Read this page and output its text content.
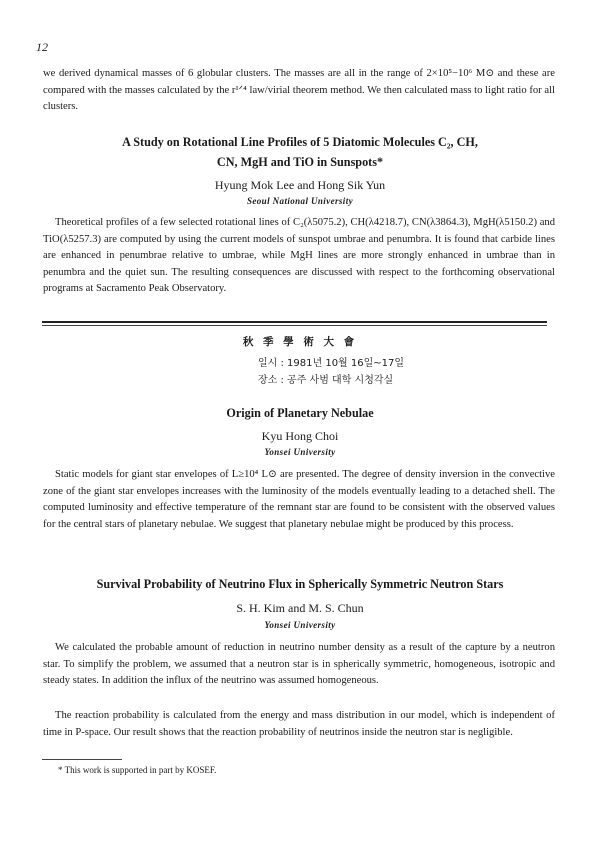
12
we derived dynamical masses of 6 globular clusters. The masses are all in the range of 2×10⁵−10⁶ M⊙ and these are compared with the masses calculated by the r¹ᐟ⁴ law/virial theorem method. We then calculated mass to light ratio for all clusters.
A Study on Rotational Line Profiles of 5 Diatomic Molecules C₂, CH,
CN, MgH and TiO in Sunspots*
Hyung Mok Lee and Hong Sik Yun
Seoul National University
Theoretical profiles of a few selected rotational lines of C₂(λ5075.2), CH(λ4218.7), CN(λ3864.3), MgH(λ5150.2) and TiO(λ5257.3) are computed by using the current models of sunspot umbrae and penumbra. It is found that carbide lines are enhanced in penumbrae relative to umbrae, while MgH lines are more strongly enhanced in umbrae than in penumbra and the quiet sun. The resulting consequences are discussed with respect to the forthcoming observational programs at Sacramento Peak Observatory.
秋 季 學 術 大 會
일시 : 1981년 10월 16일~17일
장소 : 공주 사범 대학 시청각실
Origin of Planetary Nebulae
Kyu Hong Choi
Yonsei University
Static models for giant star envelopes of L≥10⁴ L⊙ are presented. The degree of density inversion in the convective zone of the giant star envelopes increases with the luminosity of the models eventually leading to a detached shell. The computed luminosity and effective temperature of the remnant star are found to be consistent with the observed values for the central stars of planetary nebulae. We suggest that planetary nebulae might be produced by this process.
Survival Probability of Neutrino Flux in Spherically Symmetric Neutron Stars
S. H. Kim and M. S. Chun
Yonsei University
We calculated the probable amount of reduction in neutrino number density as a result of the capture by a neutron star. To simplify the problem, we assumed that a neutron star is in spherically symmetric, homogeneous, isotropic and steady states. In addition the influx of the neutrino was assumed homogeneous.
The reaction probability is calculated from the energy and mass distribution in our model, which is independent of time in P-space. Our result shows that the reaction probability of neutrinos inside the neutron star is negligible.
* This work is supported in part by KOSEF.
